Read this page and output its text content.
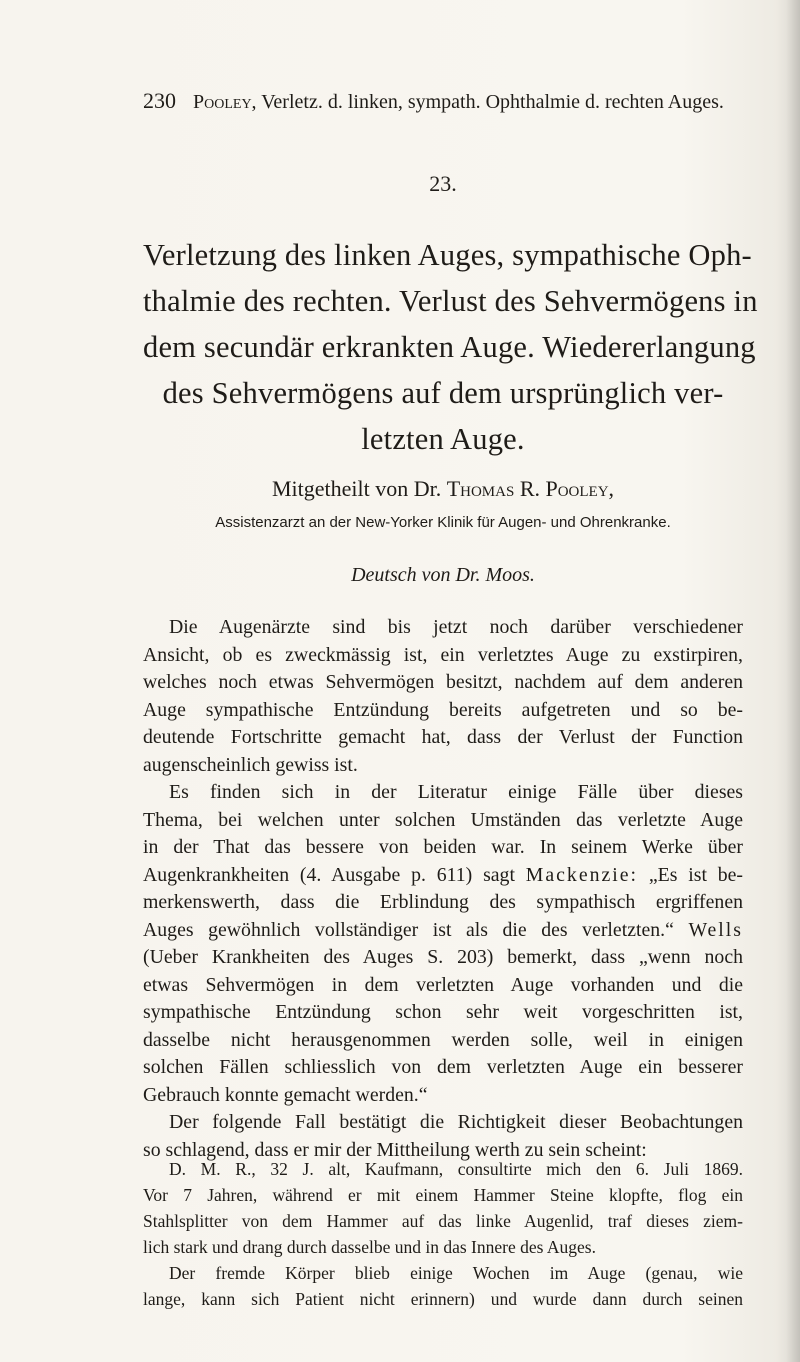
230 Pooley, Verletz. d. linken, sympath. Ophthalmie d. rechten Auges.
23.
Verletzung des linken Auges, sympathische Oph-
thalmie des rechten. Verlust des Sehvermögens in
dem secundär erkrankten Auge. Wiedererlangung
des Sehvermögens auf dem ursprünglich ver-
letzten Auge.
Mitgetheilt von Dr. Thomas R. Pooley,
Assistenzarzt an der New-Yorker Klinik für Augen- und Ohrenkranke.
Deutsch von Dr. Moos.
Die Augenärzte sind bis jetzt noch darüber verschiedener
Ansicht, ob es zweckmässig ist, ein verletztes Auge zu exstirpiren,
welches noch etwas Sehvermögen besitzt, nachdem auf dem anderen
Auge sympathische Entzündung bereits aufgetreten und so be-
deutende Fortschritte gemacht hat, dass der Verlust der Function
augenscheinlich gewiss ist.
Es finden sich in der Literatur einige Fälle über dieses
Thema, bei welchen unter solchen Umständen das verletzte Auge
in der That das bessere von beiden war. In seinem Werke über
Augenkrankheiten (4. Ausgabe p. 611) sagt Mackenzie: „Es ist be-
merkenswerth, dass die Erblindung des sympathisch ergriffenen
Auges gewöhnlich vollständiger ist als die des verletzten.“ Wells
(Ueber Krankheiten des Auges S. 203) bemerkt, dass „wenn noch
etwas Sehvermögen in dem verletzten Auge vorhanden und die
sympathische Entzündung schon sehr weit vorgeschritten ist,
dasselbe nicht herausgenommen werden solle, weil in einigen
solchen Fällen schliesslich von dem verletzten Auge ein besserer
Gebrauch konnte gemacht werden.“
Der folgende Fall bestätigt die Richtigkeit dieser Beobachtungen
so schlagend, dass er mir der Mittheilung werth zu sein scheint:
D. M. R., 32 J. alt, Kaufmann, consultirte mich den 6. Juli 1869.
Vor 7 Jahren, während er mit einem Hammer Steine klopfte, flog ein
Stahlsplitter von dem Hammer auf das linke Augenlid, traf dieses ziem-
lich stark und drang durch dasselbe und in das Innere des Auges.
Der fremde Körper blieb einige Wochen im Auge (genau, wie
lange, kann sich Patient nicht erinnern) und wurde dann durch seinen
